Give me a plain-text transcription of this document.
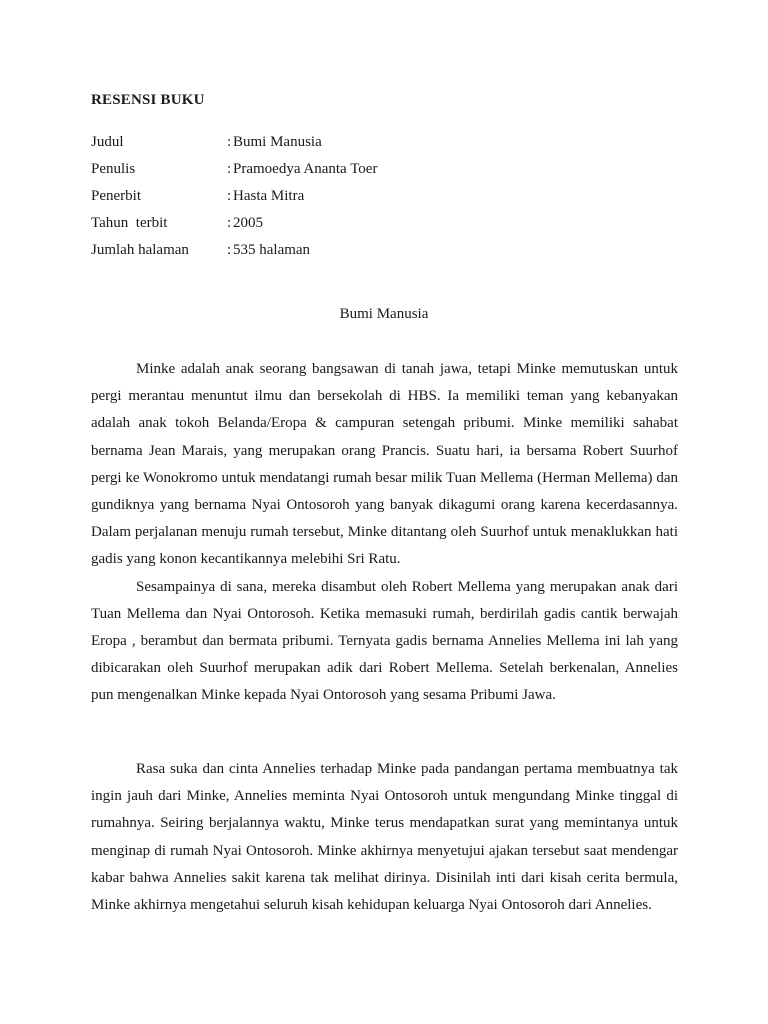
RESENSI BUKU
Judul	: Bumi Manusia
Penulis	: Pramoedya Ananta Toer
Penerbit	: Hasta Mitra
Tahun  terbit	: 2005
Jumlah halaman	: 535 halaman
Bumi Manusia

Minke adalah anak seorang bangsawan di tanah jawa, tetapi Minke memutuskan untuk pergi merantau menuntut ilmu dan bersekolah di HBS. Ia memiliki teman yang kebanyakan adalah anak tokoh Belanda/Eropa & campuran setengah pribumi. Minke memiliki sahabat bernama Jean Marais, yang merupakan orang Prancis. Suatu hari, ia bersama Robert Suurhof pergi ke Wonokromo untuk mendatangi rumah besar milik Tuan Mellema (Herman Mellema) dan gundiknya yang bernama Nyai Ontosoroh yang banyak dikagumi orang karena kecerdasannya. Dalam perjalanan menuju rumah tersebut, Minke ditantang oleh Suurhof untuk menaklukkan hati gadis yang konon kecantikannya melebihi Sri Ratu.

Sesampainya di sana, mereka disambut oleh Robert Mellema yang merupakan anak dari Tuan Mellema dan Nyai Ontorosoh. Ketika memasuki rumah, berdirilah gadis cantik berwajah Eropa , berambut dan bermata pribumi. Ternyata gadis bernama Annelies Mellema ini lah yang dibicarakan oleh Suurhof merupakan adik dari Robert Mellema. Setelah berkenalan, Annelies pun mengenalkan Minke kepada Nyai Ontorosoh yang sesama Pribumi Jawa.

Rasa suka dan cinta Annelies terhadap Minke pada pandangan pertama membuatnya tak ingin jauh dari Minke, Annelies meminta Nyai Ontosoroh untuk mengundang Minke tinggal di rumahnya. Seiring berjalannya waktu, Minke terus mendapatkan surat yang memintanya untuk menginap di rumah Nyai Ontosoroh. Minke akhirnya menyetujui ajakan tersebut saat mendengar kabar bahwa Annelies sakit karena tak melihat dirinya. Disinilah inti dari kisah cerita bermula, Minke akhirnya mengetahui seluruh kisah kehidupan keluarga Nyai Ontosoroh dari Annelies.
